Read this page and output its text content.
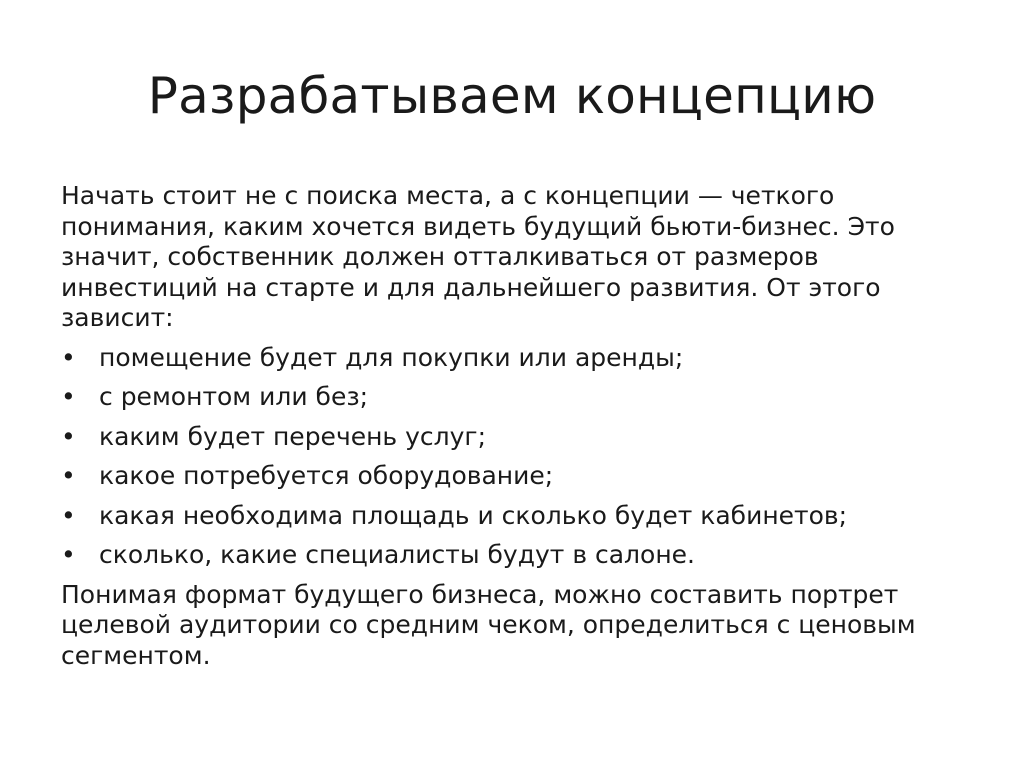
Разрабатываем концепцию

Начать стоит не с поиска места, а с концепции — четкого
понимания, каким хочется видеть будущий бьюти-бизнес. Это
значит, собственник должен отталкиваться от размеров
инвестиций на старте и для дальнейшего развития. От этого
зависит:

• помещение будет для покупки или аренды;
• с ремонтом или без;
• каким будет перечень услуг;
• какое потребуется оборудование;
• какая необходима площадь и сколько будет кабинетов;
• сколько, какие специалисты будут в салоне.

Понимая формат будущего бизнеса, можно составить портрет
целевой аудитории со средним чеком, определиться с ценовым
сегментом.
